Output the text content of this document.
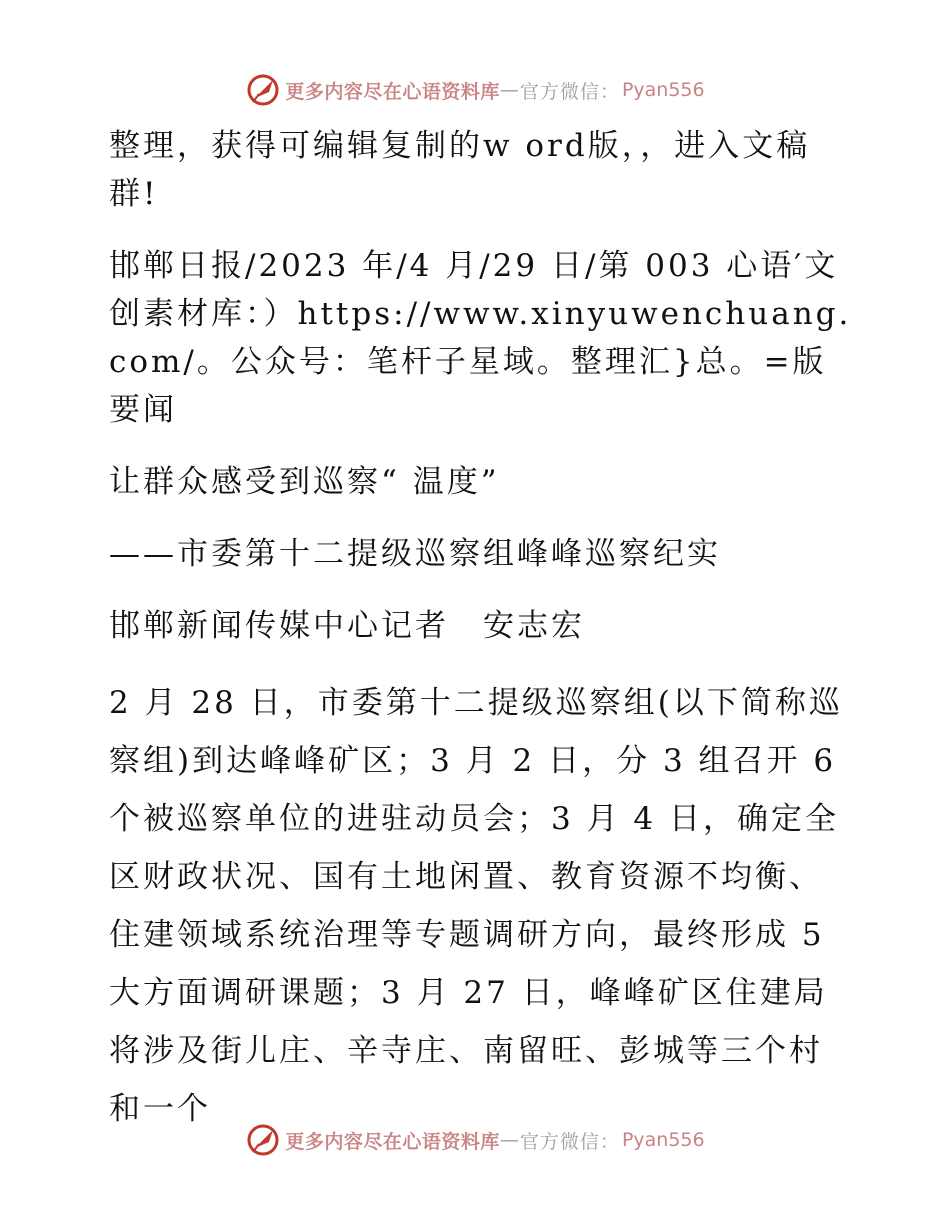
更多内容尽在心语资料库 — 官方微信： Pyan556

整理，获得可编辑复制的w ord版，，进入文稿群!

邯郸日报/2023 年/4 月/29 日/第 003 心语′文创素材库：）https://www.xinyuwenchuang.com/。公众号：笔杆子星域。整理汇}总。=版要闻

让群众感受到巡察“ 温度”

——市委第十二提级巡察组峰峰巡察纪实

邯郸新闻传媒中心记者　安志宏

2 月 28 日，市委第十二提级巡察组(以下简称巡察组)到达峰峰矿区；3 月 2 日，分 3 组召开 6 个被巡察单位的进驻动员会；3 月 4 日，确定全区财政状况、国有土地闲置、教育资源不均衡、住建领域系统治理等专题调研方向，最终形成 5 大方面调研课题；3 月 27 日，峰峰矿区住建局将涉及街儿庄、辛寺庄、南留旺、彭城等三个村和一个

更多内容尽在心语资料库 — 官方微信： Pyan556
